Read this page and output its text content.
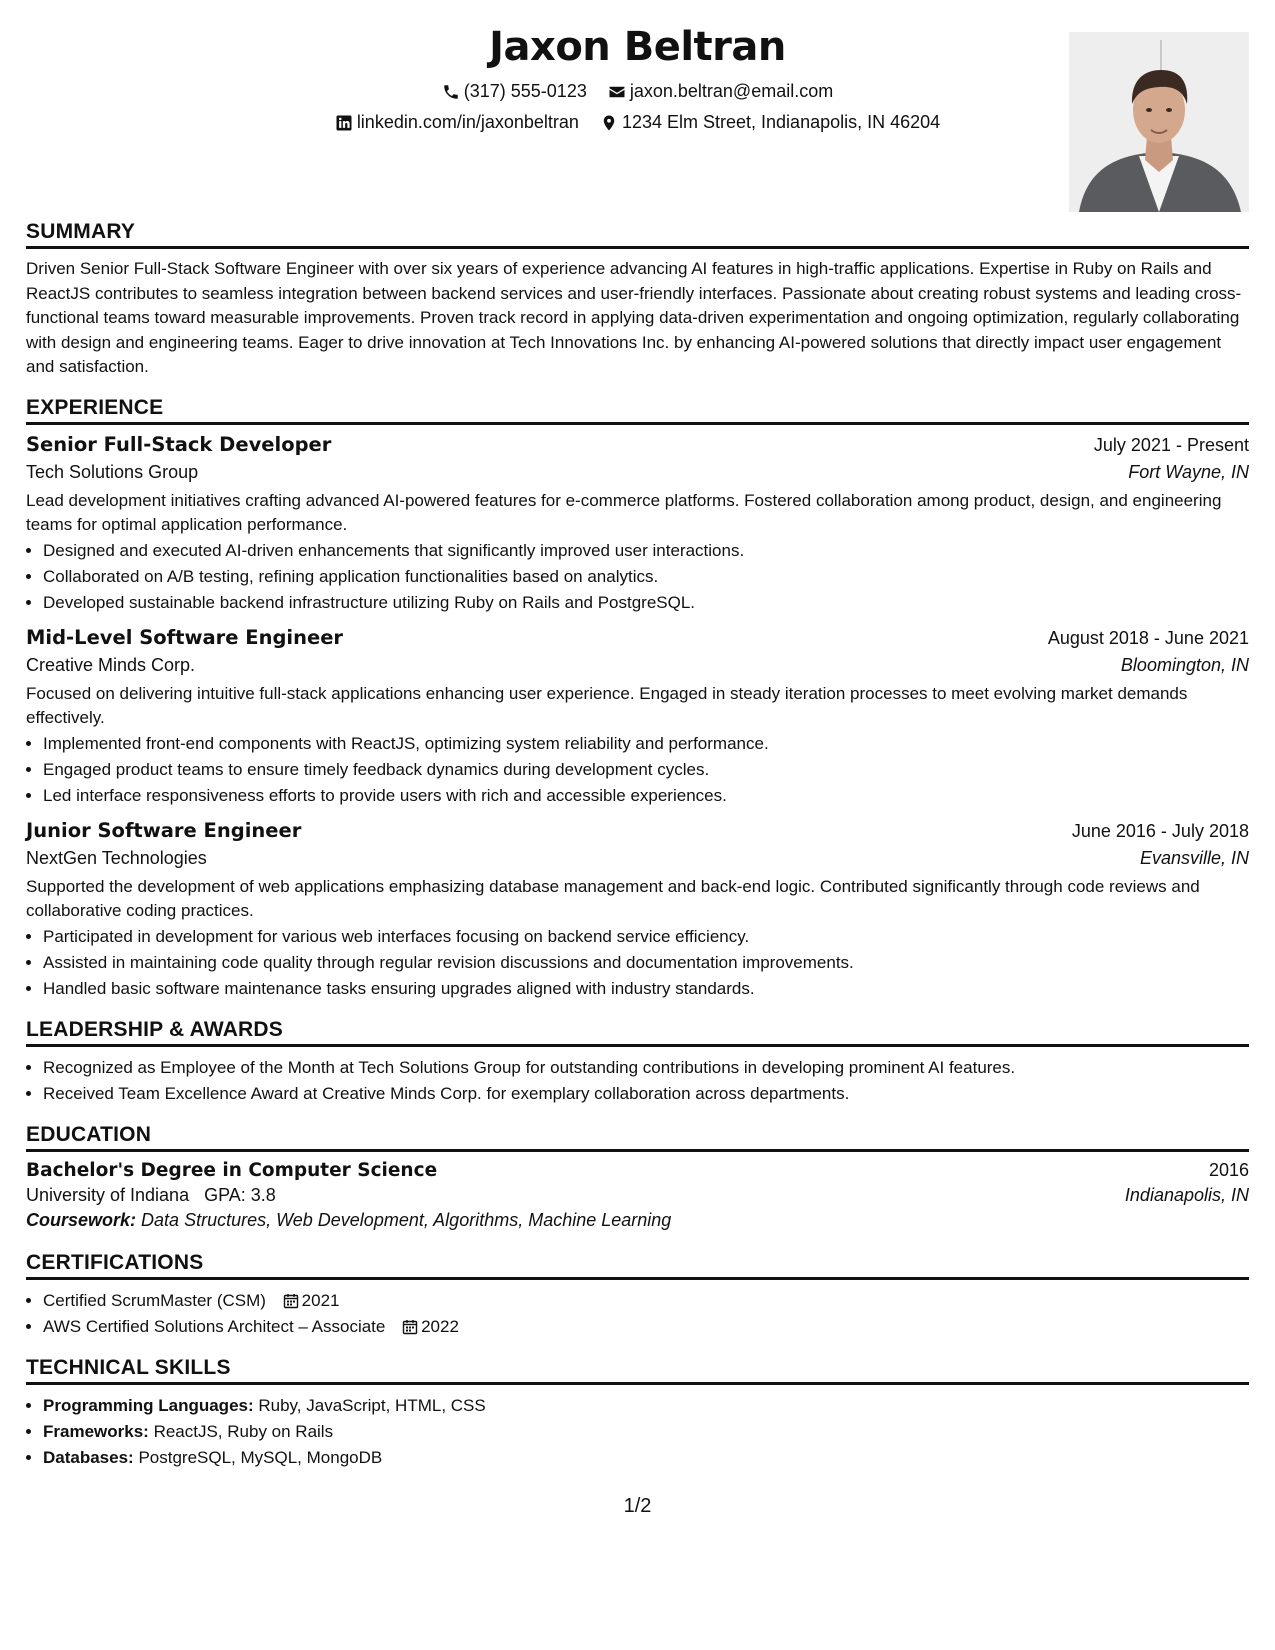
Jaxon Beltran
(317) 555-0123
jaxon.beltran@email.com
linkedin.com/in/jaxonbeltran
1234 Elm Street, Indianapolis, IN 46204
SUMMARY

Driven Senior Full-Stack Software Engineer with over six years of experience advancing AI features in high-traffic applications. Expertise in Ruby on Rails and ReactJS contributes to seamless integration between backend services and user-friendly interfaces. Passionate about creating robust systems and leading cross-functional teams toward measurable improvements. Proven track record in applying data-driven experimentation and ongoing optimization, regularly collaborating with design and engineering teams. Eager to drive innovation at Tech Innovations Inc. by enhancing AI-powered solutions that directly impact user engagement and satisfaction.

EXPERIENCE
Senior Full-Stack Developer	July 2021 - Present
Tech Solutions Group	Fort Wayne, IN

Lead development initiatives crafting advanced AI-powered features for e-commerce platforms. Fostered collaboration among product, design, and engineering teams for optimal application performance.

• Designed and executed AI-driven enhancements that significantly improved user interactions.
• Collaborated on A/B testing, refining application functionalities based on analytics.
• Developed sustainable backend infrastructure utilizing Ruby on Rails and PostgreSQL.
Mid-Level Software Engineer	August 2018 - June 2021
Creative Minds Corp.	Bloomington, IN

Focused on delivering intuitive full-stack applications enhancing user experience. Engaged in steady iteration processes to meet evolving market demands effectively.

• Implemented front-end components with ReactJS, optimizing system reliability and performance.
• Engaged product teams to ensure timely feedback dynamics during development cycles.
• Led interface responsiveness efforts to provide users with rich and accessible experiences.
Junior Software Engineer	June 2016 - July 2018
NextGen Technologies	Evansville, IN

Supported the development of web applications emphasizing database management and back-end logic. Contributed significantly through code reviews and collaborative coding practices.

• Participated in development for various web interfaces focusing on backend service efficiency.
• Assisted in maintaining code quality through regular revision discussions and documentation improvements.
• Handled basic software maintenance tasks ensuring upgrades aligned with industry standards.
LEADERSHIP & AWARDS
• Recognized as Employee of the Month at Tech Solutions Group for outstanding contributions in developing prominent AI features.
• Received Team Excellence Award at Creative Minds Corp. for exemplary collaboration across departments.
EDUCATION
Bachelor's Degree in Computer Science	2016
University of Indiana GPA: 3.8	Indianapolis, IN
Coursework: Data Structures, Web Development, Algorithms, Machine Learning
CERTIFICATIONS
• Certified ScrumMaster (CSM) 2021
• AWS Certified Solutions Architect – Associate 2022
TECHNICAL SKILLS
• Programming Languages: Ruby, JavaScript, HTML, CSS
• Frameworks: ReactJS, Ruby on Rails
• Databases: PostgreSQL, MySQL, MongoDB
1/2
